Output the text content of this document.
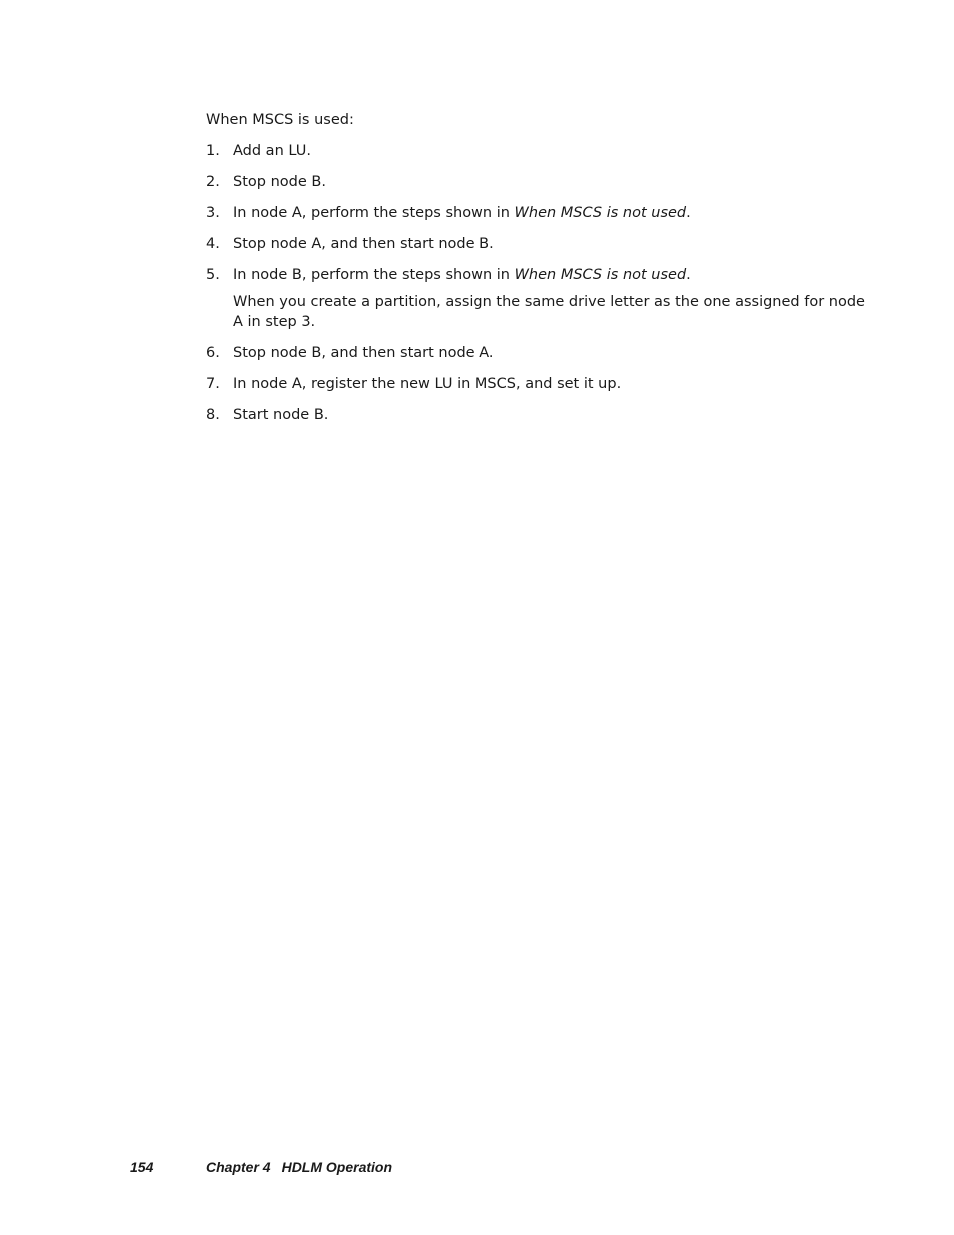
When MSCS is used:

1. Add an LU.
2. Stop node B.
3. In node A, perform the steps shown in When MSCS is not used.
4. Stop node A, and then start node B.
5. In node B, perform the steps shown in When MSCS is not used.

When you create a partition, assign the same drive letter as the one assigned for node A in step 3.

6. Stop node B, and then start node A.
7. In node A, register the new LU in MSCS, and set it up.
8. Start node B.
154	Chapter 4 HDLM Operation
